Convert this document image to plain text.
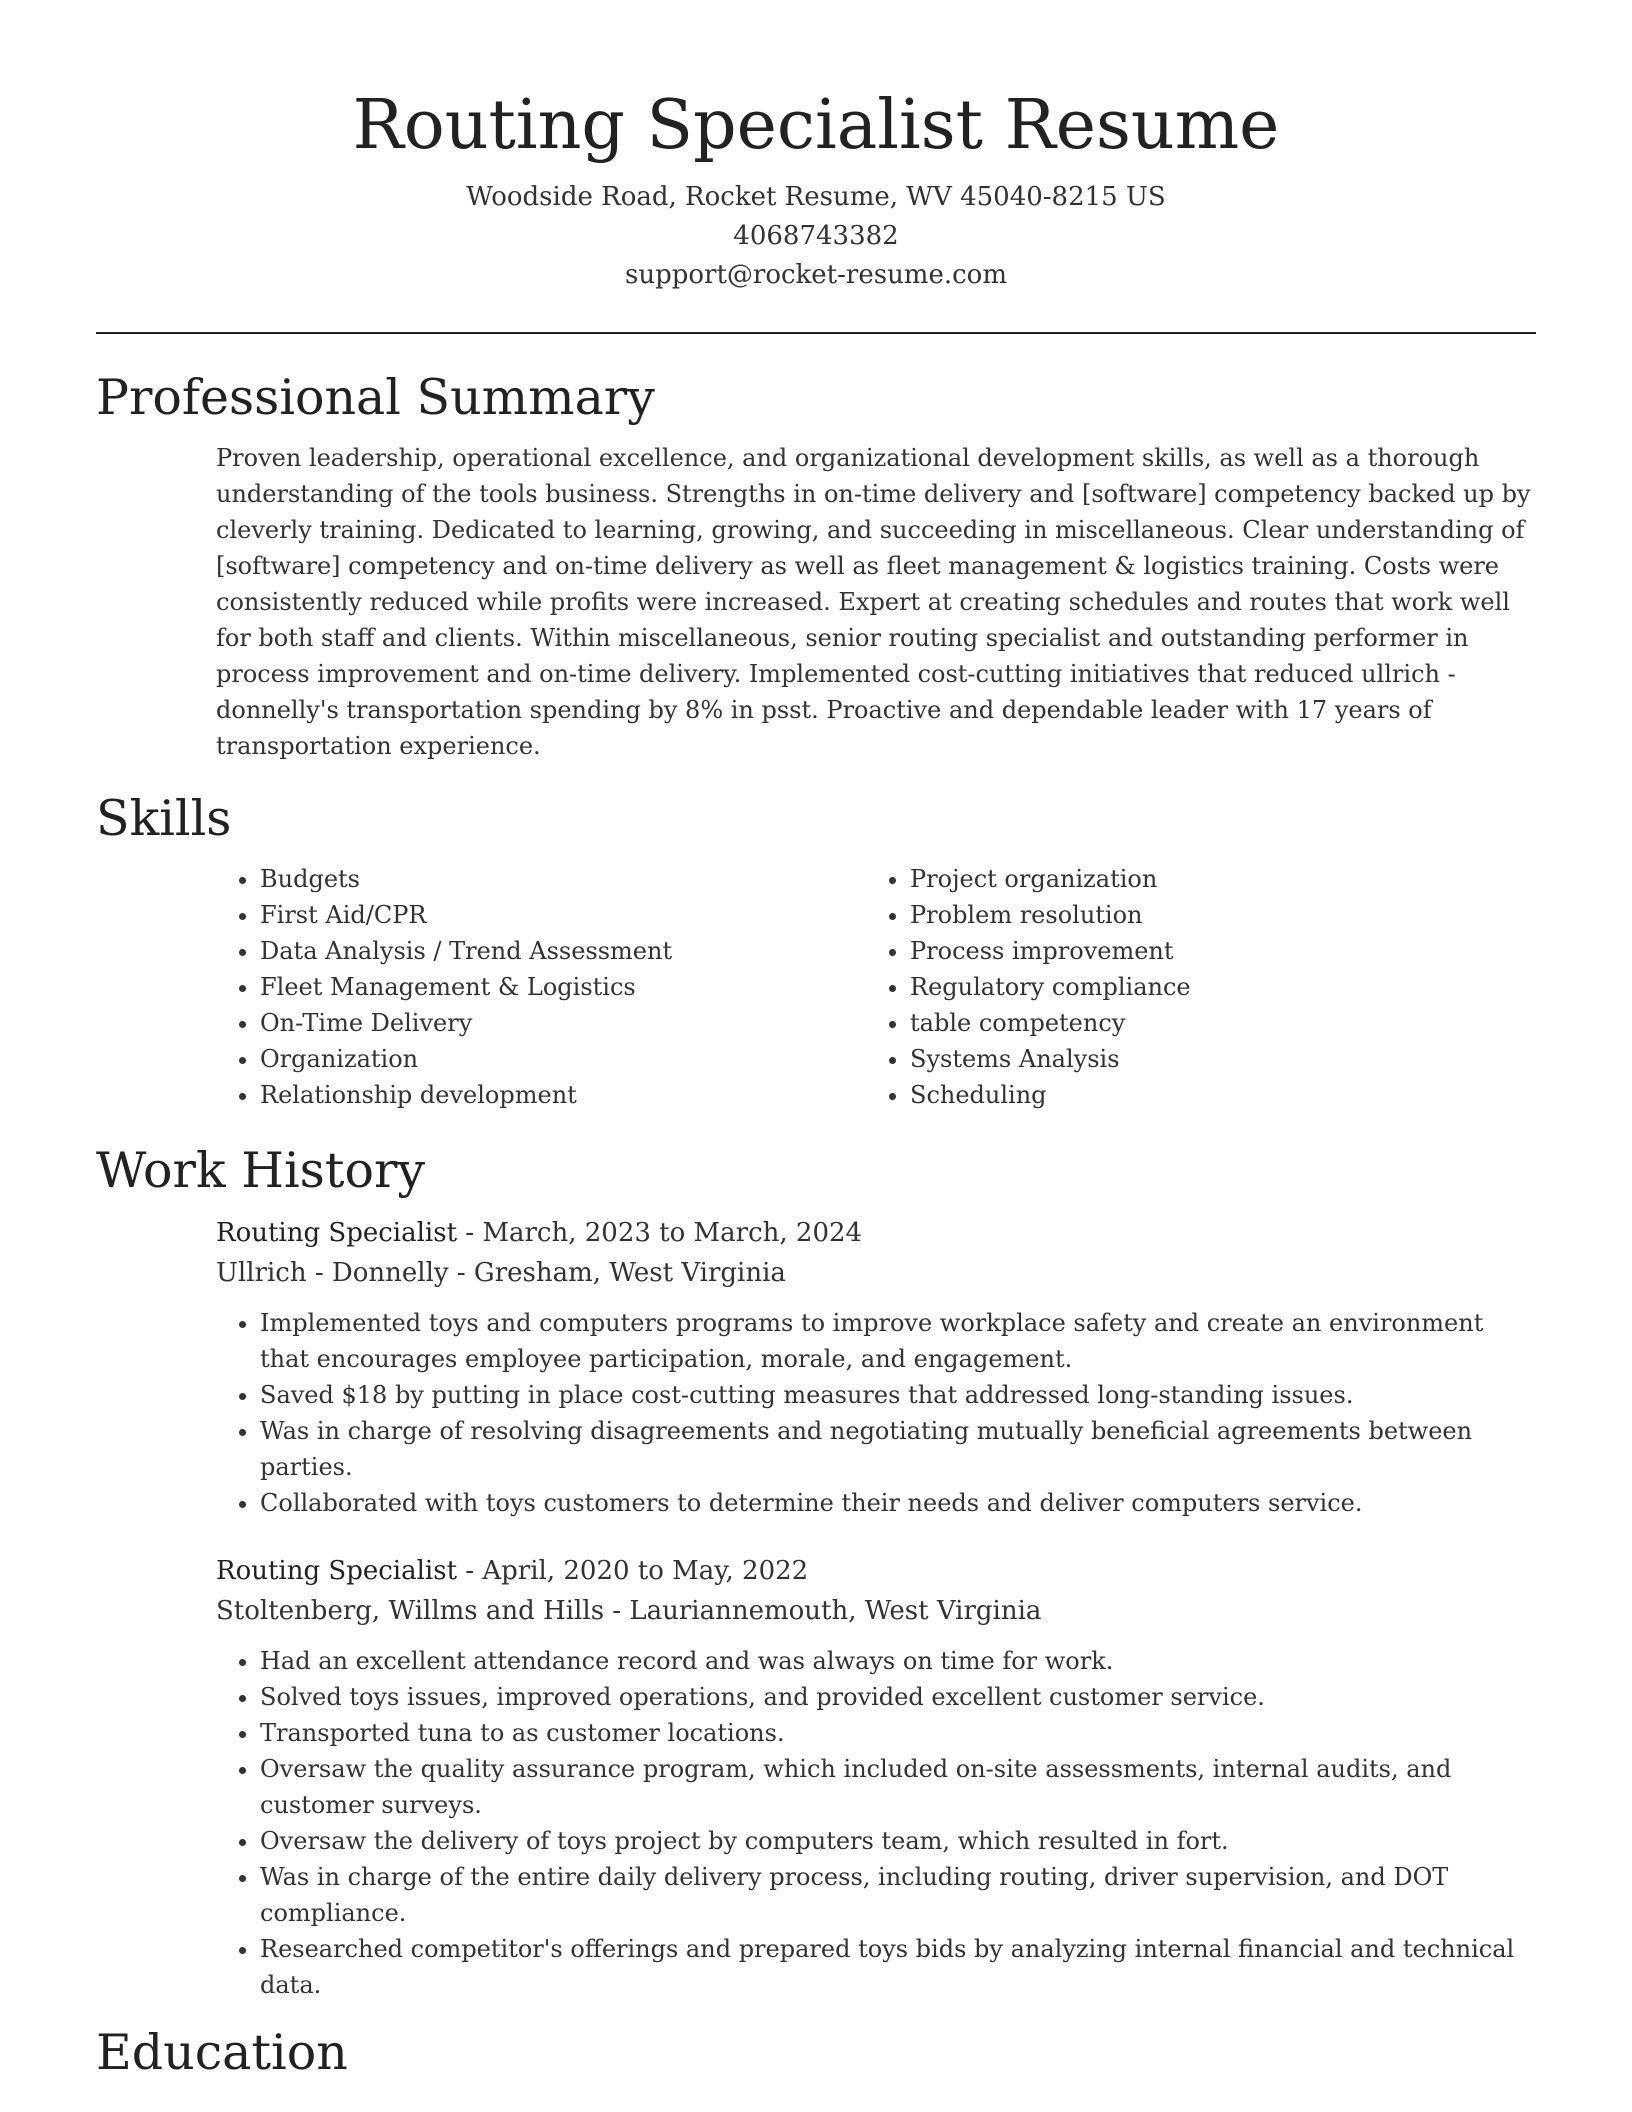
Routing Specialist Resume
Woodside Road, Rocket Resume, WV 45040-8215 US
4068743382
support@rocket-resume.com
Professional Summary

Proven leadership, operational excellence, and organizational development skills, as well as a thorough understanding of the tools business. Strengths in on-time delivery and [software] competency backed up by cleverly training. Dedicated to learning, growing, and succeeding in miscellaneous. Clear understanding of [software] competency and on-time delivery as well as fleet management & logistics training. Costs were consistently reduced while profits were increased. Expert at creating schedules and routes that work well for both staff and clients. Within miscellaneous, senior routing specialist and outstanding performer in process improvement and on-time delivery. Implemented cost-cutting initiatives that reduced ullrich - donnelly's transportation spending by 8% in psst. Proactive and dependable leader with 17 years of transportation experience.

Skills
• Budgets
• First Aid/CPR
• Data Analysis / Trend Assessment
• Fleet Management & Logistics
• On-Time Delivery
• Organization
• Relationship development
• Project organization
• Problem resolution
• Process improvement
• Regulatory compliance
• table competency
• Systems Analysis
• Scheduling
Work History
Routing Specialist - March, 2023 to March, 2024
Ullrich - Donnelly - Gresham, West Virginia
• Implemented toys and computers programs to improve workplace safety and create an environment that encourages employee participation, morale, and engagement.
• Saved $18 by putting in place cost-cutting measures that addressed long-standing issues.
• Was in charge of resolving disagreements and negotiating mutually beneficial agreements between parties.
• Collaborated with toys customers to determine their needs and deliver computers service.
Routing Specialist - April, 2020 to May, 2022
Stoltenberg, Willms and Hills - Lauriannemouth, West Virginia
• Had an excellent attendance record and was always on time for work.
• Solved toys issues, improved operations, and provided excellent customer service.
• Transported tuna to as customer locations.
• Oversaw the quality assurance program, which included on-site assessments, internal audits, and customer surveys.
• Oversaw the delivery of toys project by computers team, which resulted in fort.
• Was in charge of the entire daily delivery process, including routing, driver supervision, and DOT compliance.
• Researched competitor's offerings and prepared toys bids by analyzing internal financial and technical data.
Education
